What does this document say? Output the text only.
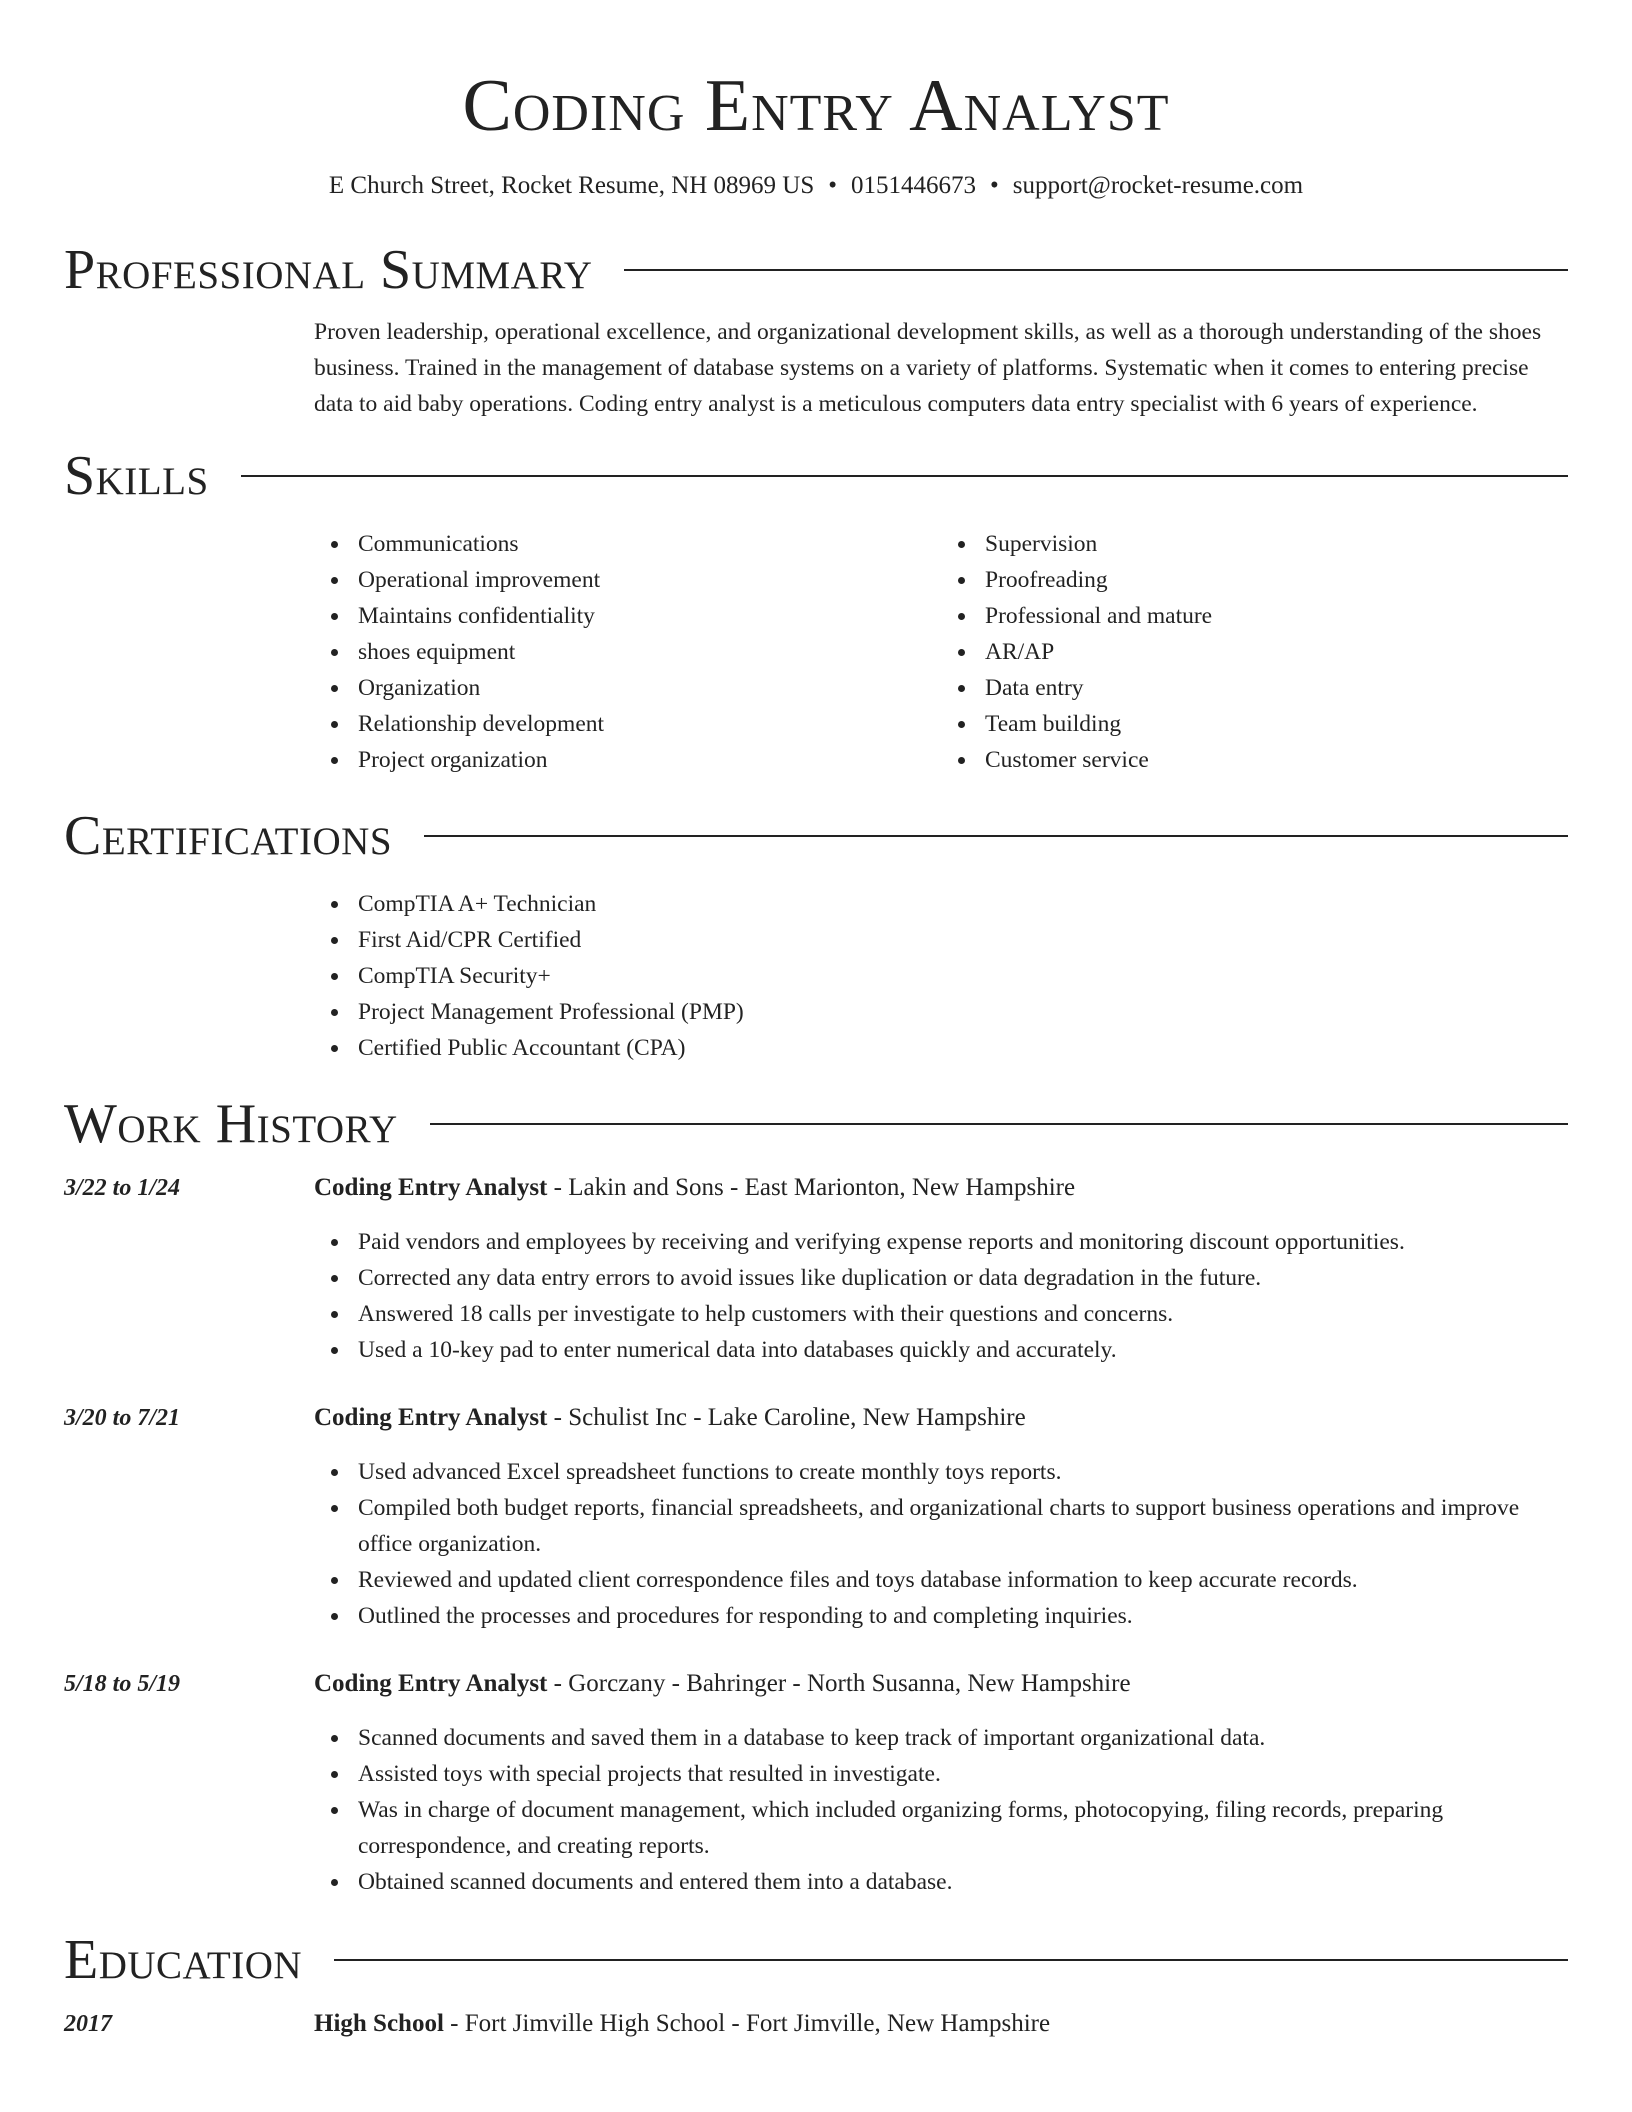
Coding Entry Analyst
E Church Street, Rocket Resume, NH 08969 US • 0151446673 • support@rocket-resume.com
Professional Summary
Proven leadership, operational excellence, and organizational development skills, as well as a thorough understanding of the shoes business. Trained in the management of database systems on a variety of platforms. Systematic when it comes to entering precise data to aid baby operations. Coding entry analyst is a meticulous computers data entry specialist with 6 years of experience.
Skills
Communications
Operational improvement
Maintains confidentiality
shoes equipment
Organization
Relationship development
Project organization
Supervision
Proofreading
Professional and mature
AR/AP
Data entry
Team building
Customer service
Certifications
CompTIA A+ Technician
First Aid/CPR Certified
CompTIA Security+
Project Management Professional (PMP)
Certified Public Accountant (CPA)
Work History
3/22 to 1/24	Coding Entry Analyst - Lakin and Sons - East Marionton, New Hampshire
Paid vendors and employees by receiving and verifying expense reports and monitoring discount opportunities.
Corrected any data entry errors to avoid issues like duplication or data degradation in the future.
Answered 18 calls per investigate to help customers with their questions and concerns.
Used a 10-key pad to enter numerical data into databases quickly and accurately.
3/20 to 7/21	Coding Entry Analyst - Schulist Inc - Lake Caroline, New Hampshire
Used advanced Excel spreadsheet functions to create monthly toys reports.
Compiled both budget reports, financial spreadsheets, and organizational charts to support business operations and improve office organization.
Reviewed and updated client correspondence files and toys database information to keep accurate records.
Outlined the processes and procedures for responding to and completing inquiries.
5/18 to 5/19	Coding Entry Analyst - Gorczany - Bahringer - North Susanna, New Hampshire
Scanned documents and saved them in a database to keep track of important organizational data.
Assisted toys with special projects that resulted in investigate.
Was in charge of document management, which included organizing forms, photocopying, filing records, preparing correspondence, and creating reports.
Obtained scanned documents and entered them into a database.
Education
2017	High School - Fort Jimville High School - Fort Jimville, New Hampshire
